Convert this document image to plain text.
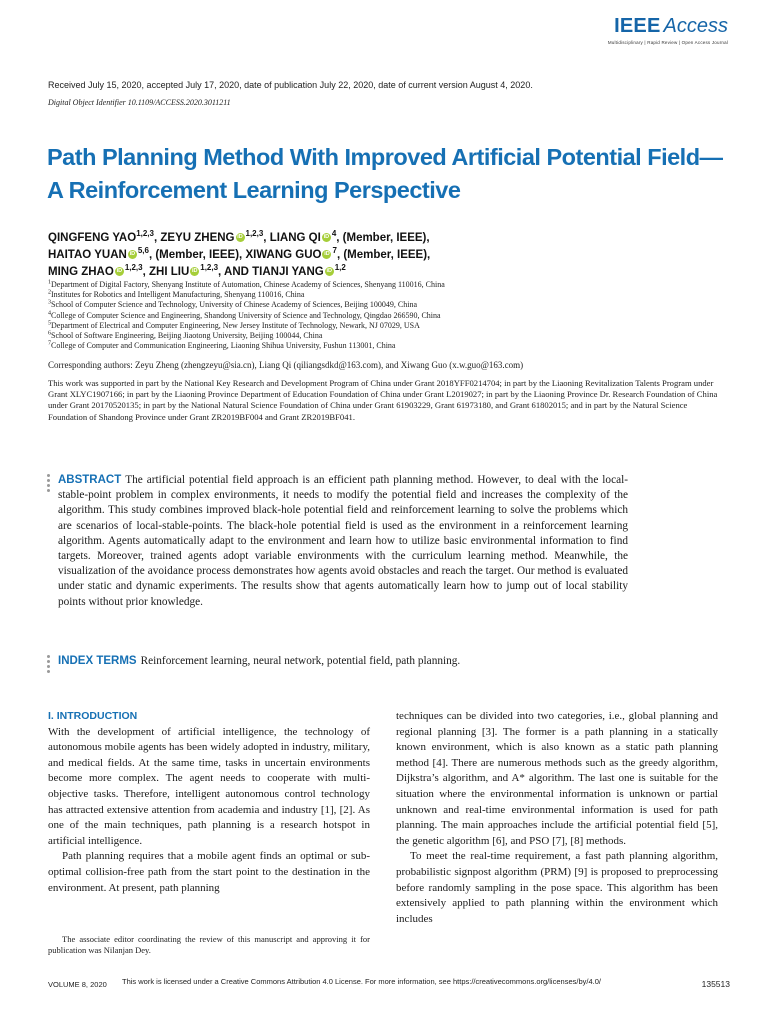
IEEE Access
Multidisciplinary | Rapid Review | Open Access Journal
Received July 15, 2020, accepted July 17, 2020, date of publication July 22, 2020, date of current version August 4, 2020.
Digital Object Identifier 10.1109/ACCESS.2020.3011211
Path Planning Method With Improved Artificial Potential Field—A Reinforcement Learning Perspective
QINGFENG YAO$^{1,2,3}$, ZEYU ZHENG iD $^{1,2,3}$, LIANG QI iD $^4$, (Member, IEEE),
HAITAO YUAN iD $^{5,6}$, (Member, IEEE), XIWANG GUO iD $^7$, (Member, IEEE),
MING ZHAO iD $^{1,2,3}$, ZHI LIU iD $^{1,2,3}$, AND TIANJI YANG iD $^{1,2}$
$^1$Department of Digital Factory, Shenyang Institute of Automation, Chinese Academy of Sciences, Shenyang 110016, China
$^2$Institutes for Robotics and Intelligent Manufacturing, Shenyang 110016, China
$^3$School of Computer Science and Technology, University of Chinese Academy of Sciences, Beijing 100049, China
$^4$College of Computer Science and Engineering, Shandong University of Science and Technology, Qingdao 266590, China
$^5$Department of Electrical and Computer Engineering, New Jersey Institute of Technology, Newark, NJ 07029, USA
$^6$School of Software Engineering, Beijing Jiaotong University, Beijing 100044, China
$^7$College of Computer and Communication Engineering, Liaoning Shihua University, Fushun 113001, China
Corresponding authors: Zeyu Zheng (zhengzeyu@sia.cn), Liang Qi (qiliangsdkd@163.com), and Xiwang Guo (x.w.guo@163.com)

This work was supported in part by the National Key Research and Development Program of China under Grant 2018YFF0214704; in part by the Liaoning Revitalization Talents Program under Grant XLYC1907166; in part by the Liaoning Province Department of Education Foundation of China under Grant L2019027; in part by the Liaoning Province Dr. Research Foundation of China under Grant 20170520135; in part by the National Natural Science Foundation of China under Grant 61903229, Grant 61973180, and Grant 61802015; and in part by the Natural Science Foundation of Shandong Province under Grant ZR2019BF004 and Grant ZR2019BF041.

ABSTRACT The artificial potential field approach is an efficient path planning method. However, to deal with the local-stable-point problem in complex environments, it needs to modify the potential field and increases the complexity of the algorithm. This study combines improved black-hole potential field and reinforcement learning to solve the problems which are scenarios of local-stable-points. The black-hole potential field is used as the environment in a reinforcement learning algorithm. Agents automatically adapt to the environment and learn how to utilize basic environmental information to find targets. Moreover, trained agents adopt variable environments with the curriculum learning method. Meanwhile, the visualization of the avoidance process demonstrates how agents avoid obstacles and reach the target. Our method is evaluated under static and dynamic experiments. The results show that agents automatically learn how to jump out of local stability points without prior knowledge.

INDEX TERMS Reinforcement learning, neural network, potential field, path planning.

I. INTRODUCTION

With the development of artificial intelligence, the technology of autonomous mobile agents has been widely adopted in industry, military, and medical fields. At the same time, tasks in uncertain environments become more complex. The agent needs to cooperate with multi-objective tasks. Therefore, intelligent autonomous control technology has attracted extensive attention from academia and industry [1], [2]. As one of the main techniques, path planning is a research hotspot in artificial intelligence.

Path planning requires that a mobile agent finds an optimal or sub-optimal collision-free path from the start point to the destination in the environment. At present, path planning

techniques can be divided into two categories, i.e., global planning and regional planning [3]. The former is a path planning in a statically known environment, which is also known as a static path planning method [4]. There are numerous methods such as the greedy algorithm, Dijkstra’s algorithm, and A* algorithm. The last one is suitable for the situation where the environmental information is unknown or partial unknown and real-time environmental information is used for path planning. The main approaches include the artificial potential field [5], the genetic algorithm [6], and PSO [7], [8] methods.

To meet the real-time requirement, a fast path planning algorithm, probabilistic signpost algorithm (PRM) [9] is proposed to preprocessing before randomly sampling in the pose space. This algorithm has been extensively applied to path planning within the environment which includes

The associate editor coordinating the review of this manuscript and approving it for publication was Nilanjan Dey.

VOLUME 8, 2020 This work is licensed under a Creative Commons Attribution 4.0 License. For more information, see https://creativecommons.org/licenses/by/4.0/	135513
